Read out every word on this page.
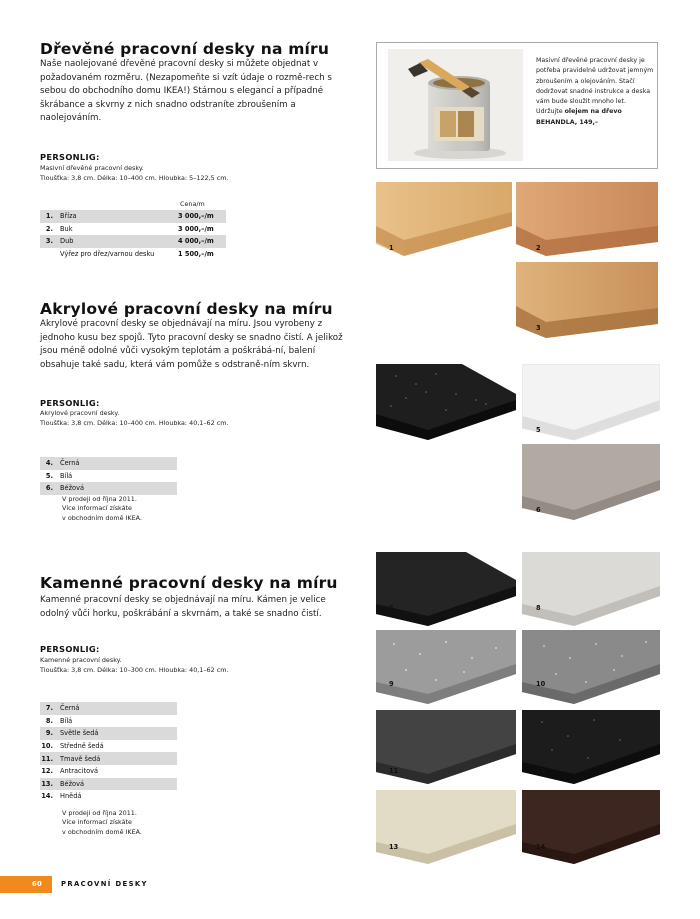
Dřevěné pracovní desky na míru

Naše naolejované dřevěné pracovní desky si můžete objednat v požadovaném rozměru. (Nezapomeňte si vzít údaje o rozmě-rech s sebou do obchodního domu IKEA!) Stárnou s elegancí a případné škrábance a skvrny z nich snadno odstraníte zbroušením a naolejováním.

PERSONLIG:
Masivní dřevěné pracovní desky.
Tloušťka: 3,8 cm. Délka: 10–400 cm. Hloubka: 5–122,5 cm.
Cena/m
1.	Bříza	3 000,–/m
2.	Buk	3 000,–/m
3.	Dub	4 000,–/m
Výřez pro dřez/varnou desku	1 500,–/m
Masivní dřevěné pracovní desky je potřeba pravidelně udržovat jemným zbroušením a olejováním. Stačí dodržovat snadné instrukce a deska vám bude sloužit mnoho let. Udržujte olejem na dřevo BEHANDLA, 149,–
1	2
3
4
5
6
7	8
9	10
11	12
13	14
Akrylové pracovní desky na míru

Akrylové pracovní desky se objednávají na míru. Jsou vyrobeny z jednoho kusu bez spojů. Tyto pracovní desky se snadno čistí. A jelikož jsou méně odolné vůči vysokým teplotám a poškrábá-ní, balení obsahuje také sadu, která vám pomůže s odstraně-ním skvrn.

PERSONLIG:
Akrylové pracovní desky.
Tloušťka: 3,8 cm. Délka: 10–400 cm. Hloubka: 40,1–62 cm.
4.	Černá
5.	Bílá
6.	Béžová
V prodeji od října 2011.
Více informací získáte
v obchodním domě IKEA.
Kamenné pracovní desky na míru

Kamenné pracovní desky se objednávají na míru. Kámen je velice odolný vůči horku, poškrábání a skvrnám, a také se snadno čistí.

PERSONLIG:
Kamenné pracovní desky.
Tloušťka: 3,8 cm. Délka: 10–300 cm. Hloubka: 40,1–62 cm.
7.	Černá
8.	Bílá
9.	Světle šedá
10.	Středně šedá
11.	Tmavě šedá
12.	Antracitová
13.	Béžová
14.	Hnědá
V prodeji od října 2011.
Více informací získáte
v obchodním domě IKEA.
60	PRACOVNÍ DESKY
